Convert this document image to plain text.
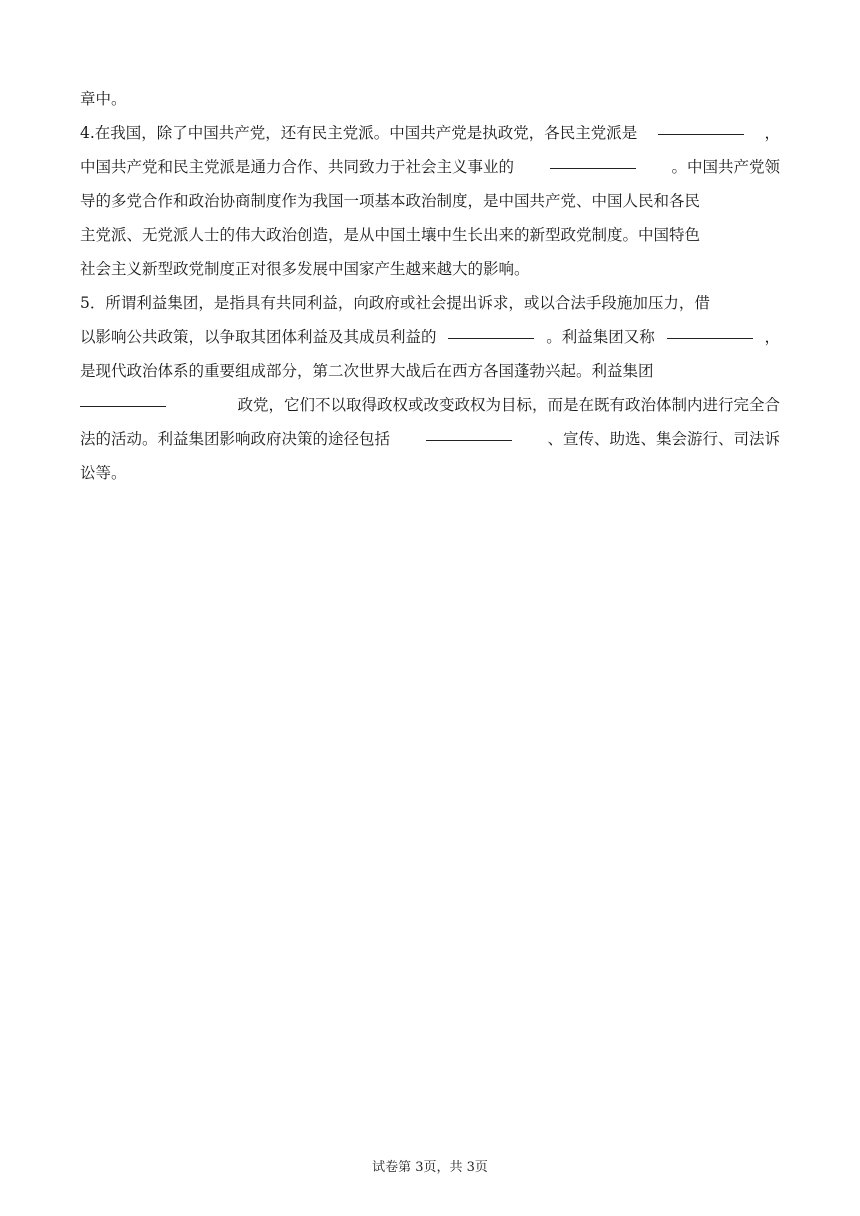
章中。
4.在我国，除了中国共产党，还有民主党派。中国共产党是执政党，各民主党派是	，
中国共产党和民主党派是通力合作、共同致力于社会主义事业的	。中国共产党领
导的多党合作和政治协商制度作为我国一项基本政治制度，是中国共产党、中国人民和各民
主党派、无党派人士的伟大政治创造，是从中国土壤中生长出来的新型政党制度。中国特色
社会主义新型政党制度正对很多发展中国家产生越来越大的影响。
5．所谓利益集团，是指具有共同利益，向政府或社会提出诉求，或以合法手段施加压力，借
以影响公共政策，以争取其团体利益及其成员利益的	。利益集团又称	，
是现代政治体系的重要组成部分，第二次世界大战后在西方各国蓬勃兴起。利益集团
政党，它们不以取得政权或改变政权为目标，而是在既有政治体制内进行完全合
法的活动。利益集团影响政府决策的途径包括	、宣传、助选、集会游行、司法诉
讼等。
试卷第 3页，共 3页
